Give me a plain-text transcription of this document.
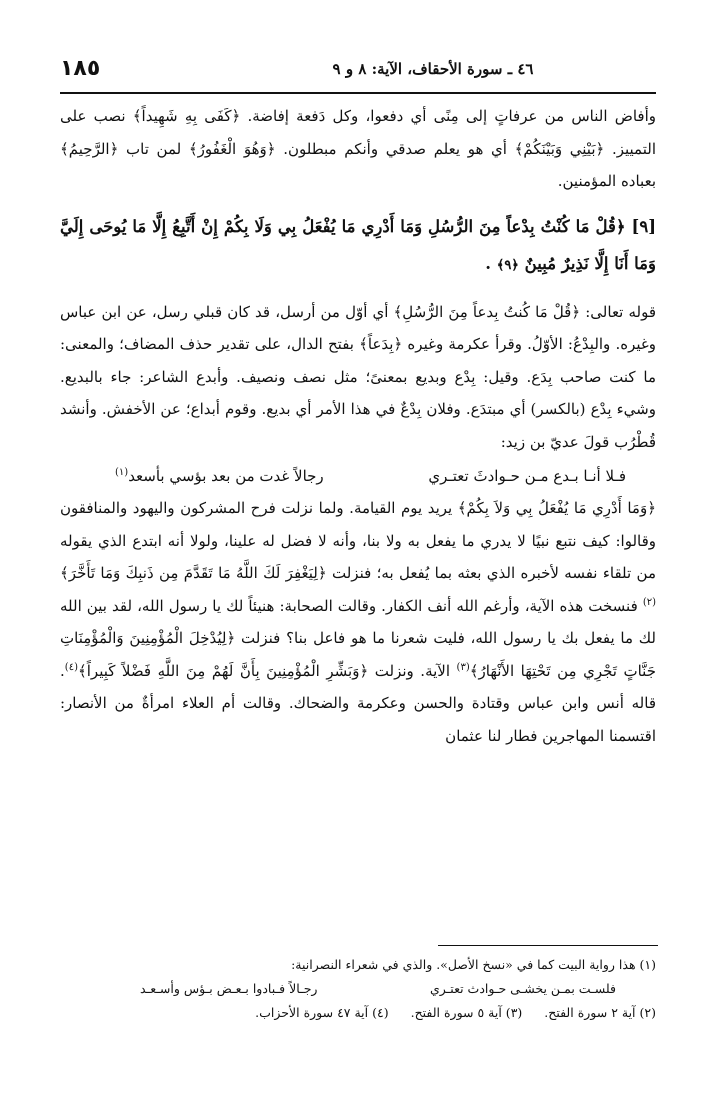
١٨٥	٤٦ ـ سورة الأحقاف، الآية: ٨ و ٩

وأفاض الناس من عرفاتٍ إلى مِنًى أي دفعوا، وكل دَفعة إفاضة. ﴿كَفَى بِهِ شَهِيداً﴾ نصب على التمييز. ﴿بَيْنِي وَبَيْنَكُمْ﴾ أي هو يعلم صدقي وأنكم مبطلون. ﴿وَهُوَ الْغَفُورُ﴾ لمن تاب ﴿الرَّحِيمُ﴾ بعباده المؤمنين.

[٩] ﴿قُلْ مَا كُنْتُ بِدْعاً مِنَ الرُّسُلِ وَمَا أَدْرِي مَا يُفْعَلُ بِي وَلَا بِكُمْ إِنْ أَتَّبِعُ إِلَّا مَا يُوحَى إِلَيَّ وَمَا أَنَا إِلَّا نَذِيرٌ مُبِينٌ ﴿٩﴾ .

قوله تعالى: ﴿قُلْ مَا كُنتُ بِدعاً مِنَ الرُّسُلِ﴾ أي أوّل من أرسل، قد كان قبلي رسل، عن ابن عباس وغيره. والبِدْعُ: الأوّلُ. وقرأ عكرمة وغيره ﴿بِدَعاً﴾ بفتح الدال، على تقدير حذف المضاف؛ والمعنى: ما كنت صاحب بِدَع. وقيل: بِدْع وبديع بمعنىً؛ مثل نصف ونصيف. وأبدع الشاعر: جاء بالبديع. وشيء بِدْع (بالكسر) أي مبتدَع. وفلان بِدْعٌ في هذا الأمر أي بديع. وقوم أبداع؛ عن الأخفش. وأنشد قُطْرُب قولَ عديّ بن زيد:

فـلا أنـا بـدع مـن حـوادثَ تعتـري
رجالاً غدت من بعد بؤسي بأسعد$^{(١)}$

﴿وَمَا أَدْرِي مَا يُفْعَلُ بِي وَلاَ بِكُمْ﴾ يريد يوم القيامة. ولما نزلت فرح المشركون واليهود والمنافقون وقالوا: كيف نتبع نبيًا لا يدري ما يفعل به ولا بنا، وأنه لا فضل له علينا، ولولا أنه ابتدع الذي يقوله من تلقاء نفسه لأخبره الذي بعثه بما يُفعل به؛ فنزلت ﴿لِيَغْفِرَ لَكَ اللَّهُ مَا تَقَدَّمَ مِن ذَنبِكَ وَمَا تَأَخَّرَ﴾$^{(٢)}$ فنسخت هذه الآية، وأرغم الله أنف الكفار. وقالت الصحابة: هنيئاً لك يا رسول الله، لقد بين الله لك ما يفعل بك يا رسول الله، فليت شعرنا ما هو فاعل بنا؟ فنزلت ﴿لِيُدْخِلَ الْمُؤْمِنِينَ وَالْمُؤْمِنَاتِ جَنَّاتٍ تَجْرِي مِن تَحْتِهَا الأَنْهَارُ﴾$^{(٣)}$ الآية. ونزلت ﴿وَبَشِّرِ الْمُؤْمِنِينَ بِأَنَّ لَهُمْ مِنَ اللَّهِ فَضْلاً كَبِيراً﴾$^{(٤)}$. قاله أنس وابن عباس وقتادة والحسن وعكرمة والضحاك. وقالت أم العلاء امرأةٌ من الأنصار: اقتسمنا المهاجرين فطار لنا عثمان

(١) هذا رواية البيت كما في «نسخ الأصل». والذي في شعراء النصرانية:

فلسـت بمـن يخشـى حـوادث تعتـري
رجـالاً فـبادوا بـعـض بـؤس وأسـعـد
(٢) آية ٢ سورة الفتح.
(٣) آية ٥ سورة الفتح.
(٤) آية ٤٧ سورة الأحزاب.
